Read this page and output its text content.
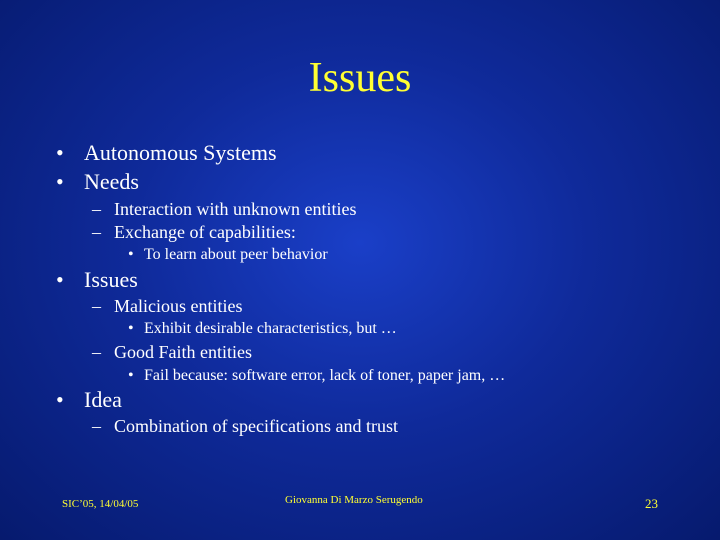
Issues
• Autonomous Systems
• Needs
– Interaction with unknown entities
– Exchange of capabilities:
• To learn about peer behavior
• Issues
– Malicious entities
• Exhibit desirable characteristics, but …
– Good Faith entities
• Fail because: software error, lack of toner, paper jam, …
• Idea
– Combination of specifications and trust
SIC’05, 14/04/05	Giovanna Di Marzo Serugendo	23
